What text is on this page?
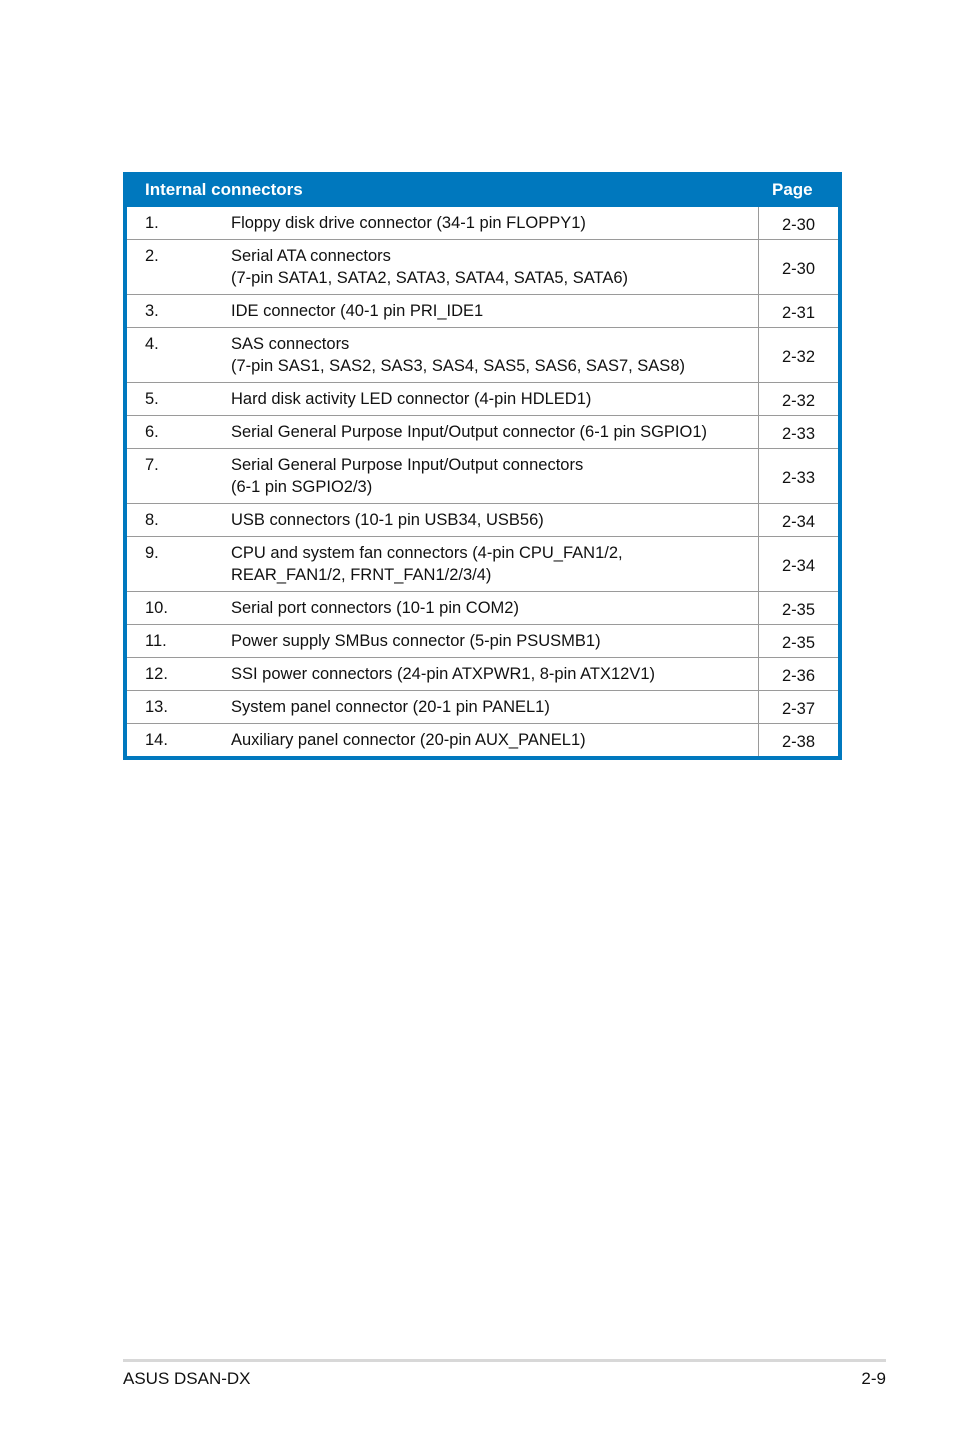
Internal connectors	Page
1.	Floppy disk drive connector (34-1 pin FLOPPY1)	2-30
2.	Serial ATA connectors
(7-pin SATA1, SATA2, SATA3, SATA4, SATA5, SATA6)	2-30
3.	IDE connector (40-1 pin PRI_IDE1	2-31
4.	SAS connectors
(7-pin SAS1, SAS2, SAS3, SAS4, SAS5, SAS6, SAS7, SAS8)	2-32
5.	Hard disk activity LED connector (4-pin HDLED1)	2-32
6.	Serial General Purpose Input/Output connector (6-1 pin SGPIO1)	2-33
7.	Serial General Purpose Input/Output connectors
(6-1 pin SGPIO2/3)	2-33
8.	USB connectors (10-1 pin USB34, USB56)	2-34
9.	CPU and system fan connectors (4-pin CPU_FAN1/2,
REAR_FAN1/2, FRNT_FAN1/2/3/4)	2-34
10.	Serial port connectors (10-1 pin COM2)	2-35
11.	Power supply SMBus connector (5-pin PSUSMB1)	2-35
12.	SSI power connectors (24-pin ATXPWR1, 8-pin ATX12V1)	2-36
13.	System panel connector (20-1 pin PANEL1)	2-37
14.	Auxiliary panel connector (20-pin AUX_PANEL1)	2-38
ASUS DSAN-DX	2-9
